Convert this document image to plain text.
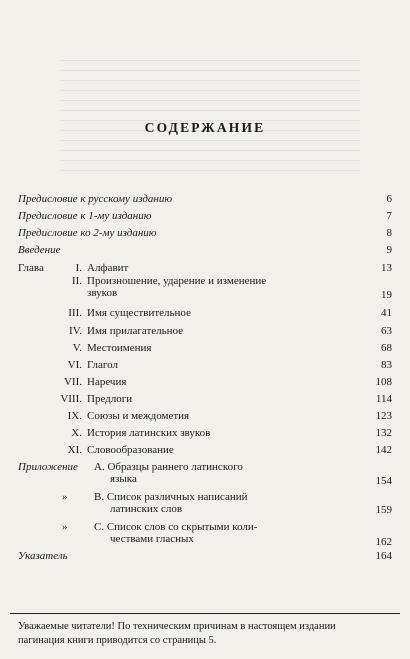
СОДЕРЖАНИЕ
Предисловие к русскому изданию	6
Предисловие к 1-му изданию	7
Предисловие ко 2-му изданию	8
Введение	9
Глава	I. Алфавит	13
II. Произношение, ударение и изменение
звуков	19
III. Имя существительное	41
IV. Имя прилагательное	63
V. Местоимения	68
VI. Глагол	83
VII. Наречия	108
VIII. Предлоги	114
IX. Союзы и междометия	123
X. История латинских звуков	132
XI. Словообразование	142
Приложение А. Образцы раннего латинского
языка	154
» В. Список различных написаний
латинских слов	159
» С. Список слов со скрытыми коли-
чествами гласных	162
Указатель	164
Уважаемые читатели! По техническим причинам в настоящем издании
пагинация книги приводится со страницы 5.
